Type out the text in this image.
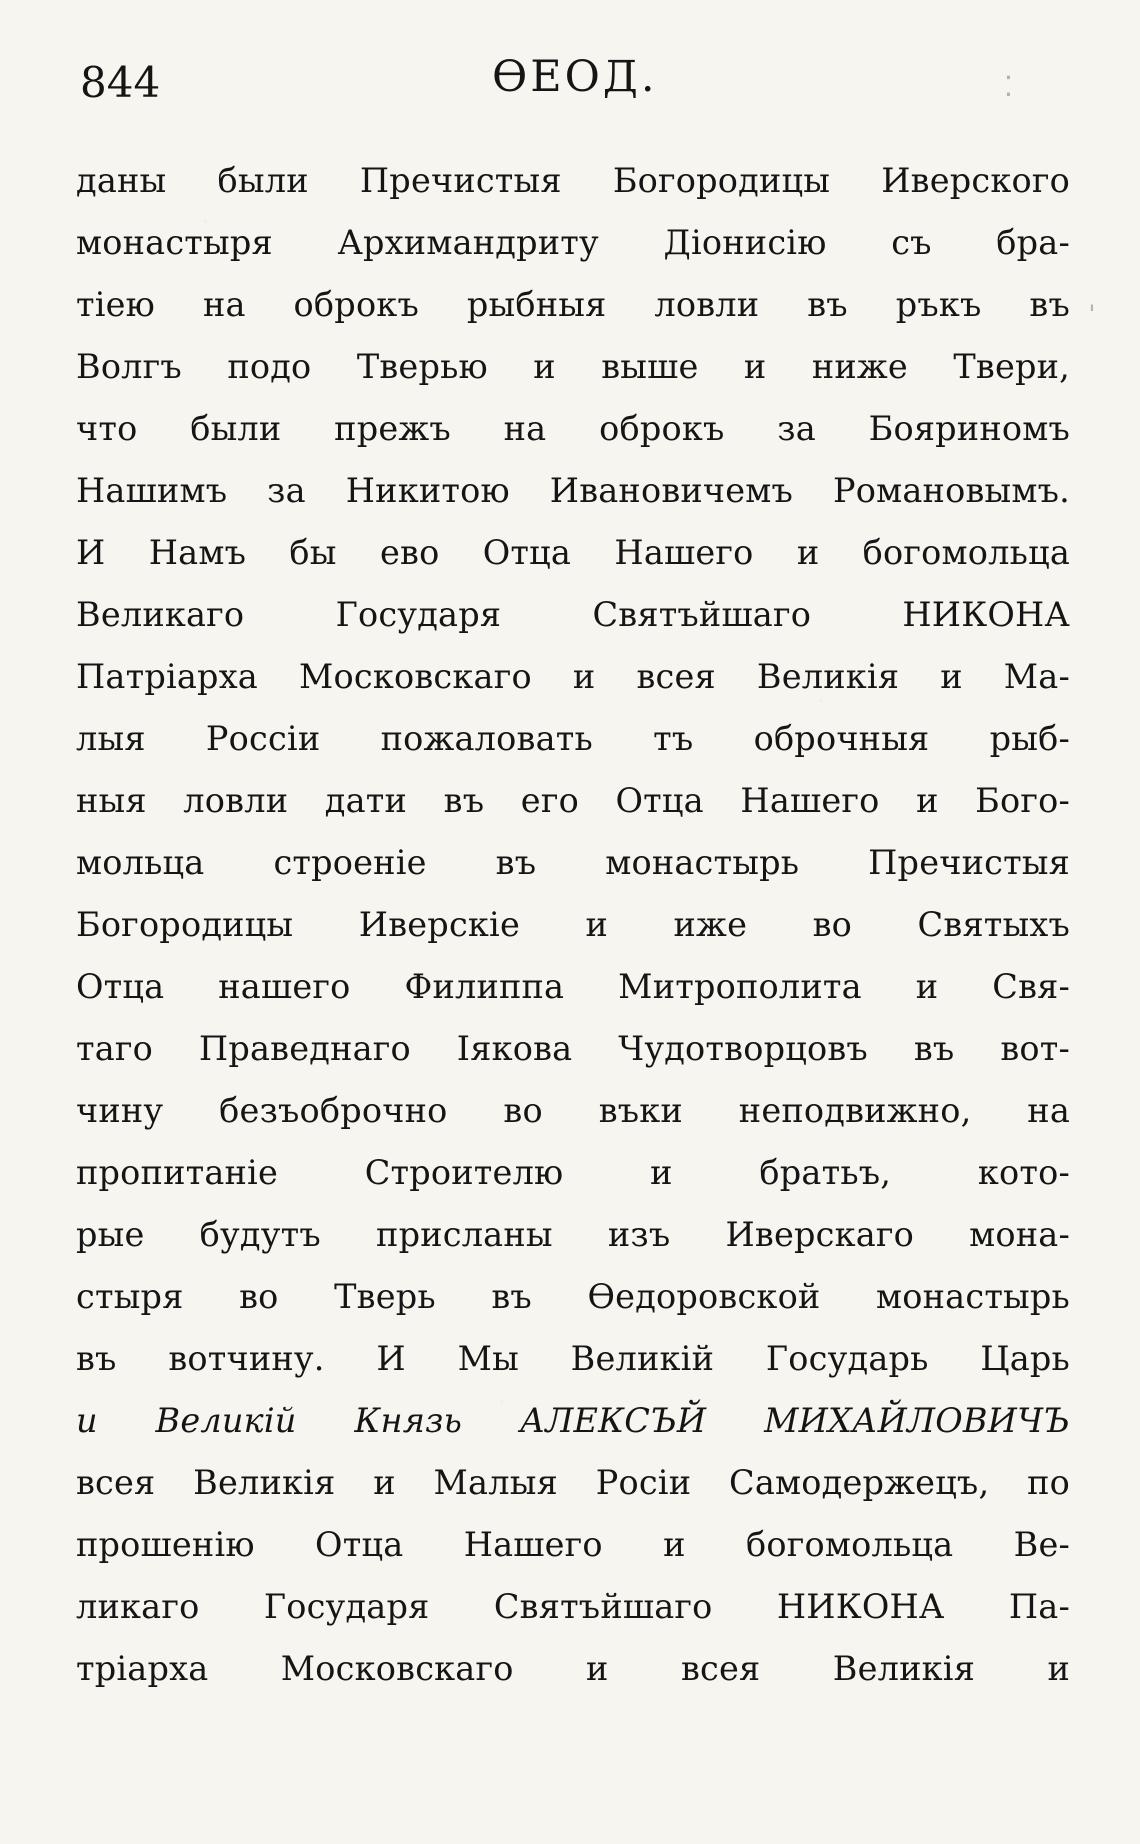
844	ѲЕОД.	⁚
ˈ
даны были Пречистыя Богородицы Иверского
монастыря Архимандриту Діонисію съ бра-
тіею на оброкъ рыбныя ловли въ ръкъ въ
Волгъ подо Тверью и выше и ниже Твери,
что были прежъ на оброкъ за Бояриномъ
Нашимъ за Никитою Ивановичемъ Романовымъ.
И Намъ бы ево Отца Нашего и богомольца
Великаго Государя Святъйшаго НИКОНА
Патріарха Московскаго и всея Великія и Ма-
лыя Россіи пожаловать тъ оброчныя рыб-
ныя ловли дати въ его Отца Нашего и Бого-
мольца строеніе въ монастырь Пречистыя
Богородицы Иверскіе и иже во Святыхъ
Отца нашего Филиппа Митрополита и Свя-
таго Праведнаго Іякова Чудотворцовъ въ вот-
чину безъоброчно во въки неподвижно, на
пропитаніе Строителю и братьъ, кото-
рые будутъ присланы изъ Иверскаго мона-
стыря во Тверь въ Ѳедоровской монастырь
въ вотчину. И Мы Великій Государь Царь
и Великій Князь АЛЕКСЪЙ МИХАЙЛОВИЧЪ
всея Великія и Малыя Росіи Самодержецъ, по
прошенію Отца Нашего и богомольца Ве-
ликаго Государя Святъйшаго НИКОНА Па-
тріарха Московскаго и всея Великія и
